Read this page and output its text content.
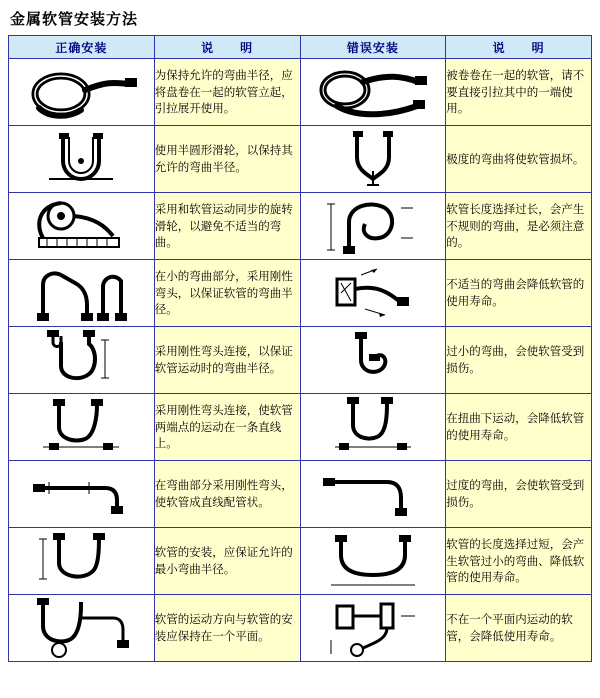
金属软管安装方法
正确安装	说　　明	错误安装	说　　明

	为保持允许的弯曲半径，应将盘卷在一起的软管立起，引拉展开使用。		被卷卷在一起的软管，请不要直接引拉其中的一端使用。

	使用半圆形滑轮，以保持其允许的弯曲半径。		极度的弯曲将使软管损坏。

	采用和软管运动同步的旋转滑轮，以避免不适当的弯曲。		软管长度选择过长，会产生不规则的弯曲，是必须注意的。

	在小的弯曲部分，采用刚性弯头，以保证软管的弯曲半径。		不适当的弯曲会降低软管的使用寿命。

	采用刚性弯头连接，以保证软管运动时的弯曲半径。		过小的弯曲，会使软管受到损伤。

	采用刚性弯头连接，使软管两端点的运动在一条直线上。		在扭曲下运动，会降低软管的使用寿命。

	在弯曲部分采用刚性弯头，使软管成直线配管状。		过度的弯曲，会使软管受到损伤。

	软管的安装，应保证允许的最小弯曲半径。		软管的长度选择过短，会产生软管过小的弯曲、降低软管的使用寿命。

	软管的运动方向与软管的安装应保持在一个平面。		不在一个平面内运动的软管，会降低使用寿命。
